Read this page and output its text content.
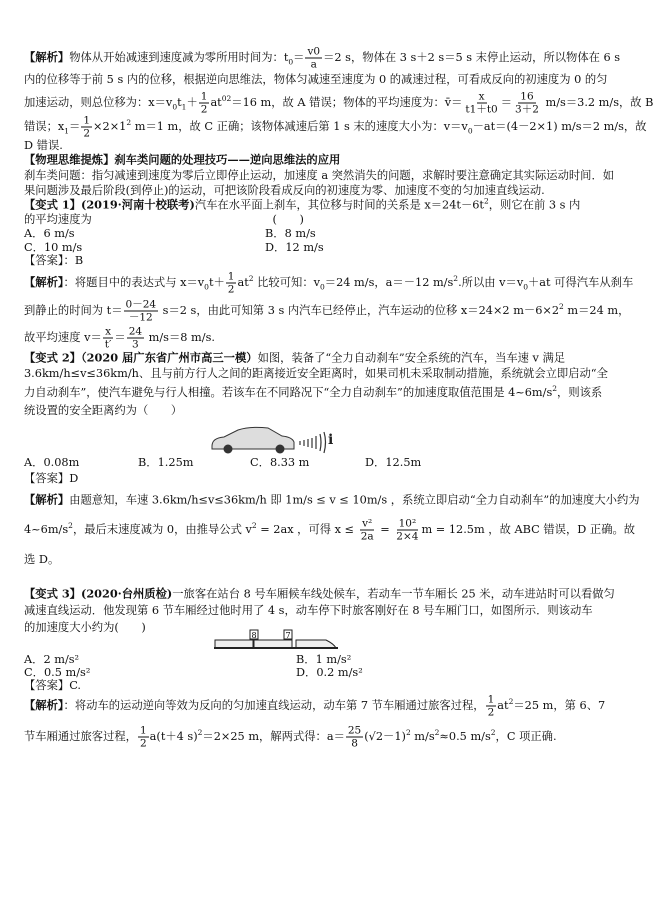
【解析】物体从开始减速到速度减为零所用时间为：$t_0= \frac{v0}{a} =2$ s，物体在 3 s＋2 s＝5 s 末停止运动，所以物体在 6 s
内的位移等于前 5 s 内的位移，根据逆向思维法，物体匀减速至速度为 0 的减速过程，可看成反向的初速度为 0 的匀
加速运动，则总位移为：$x=v_0t_1+ \frac{1}{2} at^{02}=16$ m，故 A 错误；物体的平均速度为：v̄＝ $\frac{x}{t1+t0} = \frac{16}{3+2} m/s=3.2$ m/s，故 B
错误；$x_1= \frac{1}{2} \times 2\times 1^2$ m＝1 m，故 C 正确；该物体减速后第 1 s 末的速度大小为：$v=v_0-at=(4-2\times 1)$ m/s＝2 m/s，故
D 错误.
【物理思维提炼】刹车类问题的处理技巧——逆向思维法的应用
刹车类问题：指匀减速到速度为零后立即停止运动，加速度 a 突然消失的问题，求解时要注意确定其实际运动时间．如
果问题涉及最后阶段(到停止)的运动，可把该阶段看成反向的初速度为零、加速度不变的匀加速直线运动.
【变式 1】(2019·河南十校联考)汽车在水平面上刹车，其位移与时间的关系是 $x=24t-6t^2$，则它在前 3 s 内
的平均速度为　　　　　　　　　　　　　　　　(　　)
【答案】：B
【解析】：将题目中的表达式与 $x=v_0t+ \frac{1}{2} at^2$ 比较可知：$v_0=24$ m/s，a＝－12 $m/s^2$.所以由 $v=v_0+at$ 可得汽车从刹车
到静止的时间为 $t= \frac{0-24}{-12} s=2$ s，由此可知第 3 s 内汽车已经停止，汽车运动的位移 x＝24×2 $m-6\times 2^2$ m＝24 m，
故平均速度 $v= \frac{x}{t'} = \frac{24}{3} m/s=8$ m/s.
【变式 2】（2020 届广东省广州市高三一模）如图，装备了“全力自动刹车”安全系统的汽车，当车速 v 满足
3.6km/h≤v≤36km/h、且与前方行人之间的距离接近安全距离时，如果司机未采取制动措施，系统就会立即启动“全
力自动刹车”，使汽车避免与行人相撞。若该车在不同路况下“全力自动刹车”的加速度取值范围是 $4\sim 6m/s^2$，则该系
统设置的安全距离约为（　　）
【答案】D
【解析】由题意知，车速 3.6km/h≤v≤36km/h 即 1m/s ≤ v ≤ 10m/s ，系统立即启动“全力自动刹车”的加速度大小约为
$4\sim 6m/s^2$，最后末速度减为 0，由推导公式 $v^2 = 2ax$ ，可得 $x \le \frac{\text{v²}}{2a} = \frac{\text{10²}}{2\times 4}$ m = 12.5m ，故 ABC 错误，D 正确。故
选 D。
【变式 3】(2020·台州质检)一旅客在站台 8 号车厢候车线处候车，若动车一节车厢长 25 米，动车进站时可以看做匀
减速直线运动．他发现第 6 节车厢经过他时用了 4 s，动车停下时旅客刚好在 8 号车厢门口，如图所示．则该动车
的加速度大小约为(　　)
【答案】C.
【解析】：将动车的运动逆向等效为反向的匀加速直线运动，动车第 7 节车厢通过旅客过程， $\frac{1}{2} at^2=25$ m，第 6、7
节车厢通过旅客过程， $\frac{1}{2} a(t+4$ s)$^2$＝2×25 m，解两式得：$a= \frac{25}{8} (√2-1)^2$ $m/s^2\approx 0.5$ $m/s^2$，C 项正确.
A．6 m/s	B．8 m/s
C．10 m/s	D．12 m/s
i
A．0.08m	B．1.25m	C．8.33 m	D．12.5m
8	7
A．2 m/s²	B．1 m/s²
C．0.5 m/s²	D．0.2 m/s²
